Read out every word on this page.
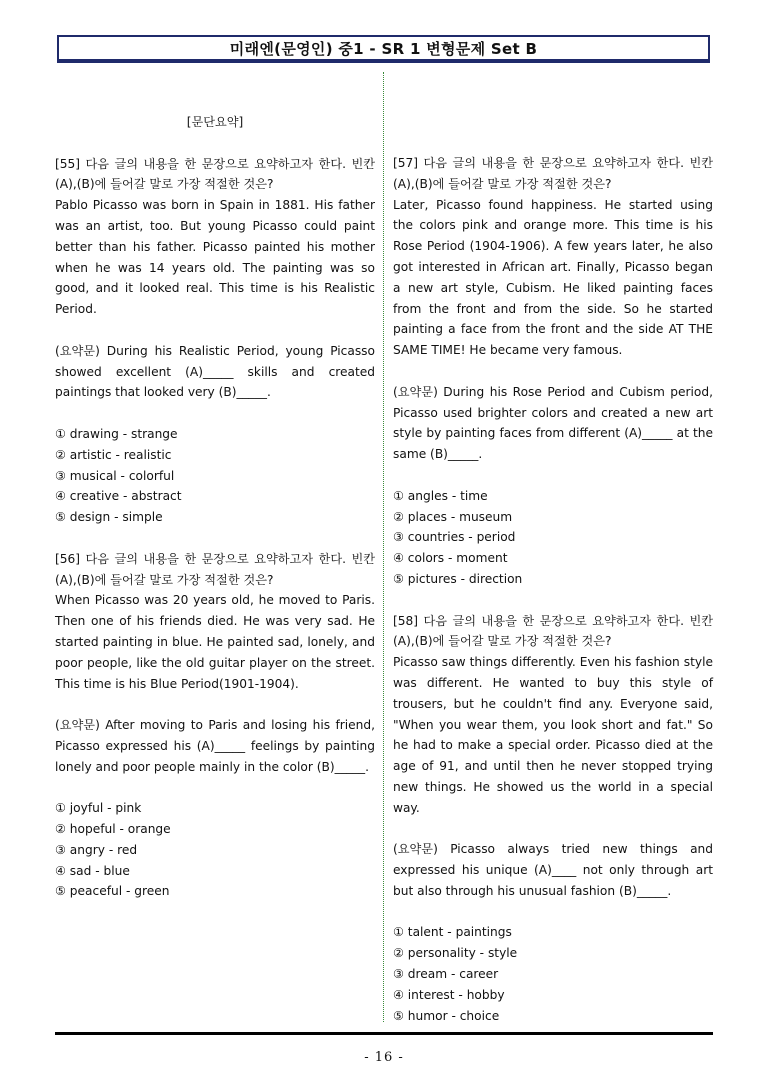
미래엔(문영인) 중1 - SR 1 변형문제 Set B

[문단요약]

[55] 다음 글의 내용을 한 문장으로 요약하고자 한다. 빈칸 (A),(B)에 들어갈 말로 가장 적절한 것은?

Pablo Picasso was born in Spain in 1881. His father was an artist, too. But young Picasso could paint better than his father. Picasso painted his mother when he was 14 years old. The painting was so good, and it looked real. This time is his Realistic Period.

(요약문) During his Realistic Period, young Picasso showed excellent (A)_____ skills and created paintings that looked very (B)_____.

① drawing - strange

② artistic - realistic

③ musical - colorful

④ creative - abstract

⑤ design - simple

[56] 다음 글의 내용을 한 문장으로 요약하고자 한다. 빈칸 (A),(B)에 들어갈 말로 가장 적절한 것은?

When Picasso was 20 years old, he moved to Paris. Then one of his friends died. He was very sad. He started painting in blue. He painted sad, lonely, and poor people, like the old guitar player on the street. This time is his Blue Period(1901-1904).

(요약문) After moving to Paris and losing his friend, Picasso expressed his (A)_____ feelings by painting lonely and poor people mainly in the color (B)_____.

① joyful - pink

② hopeful - orange

③ angry - red

④ sad - blue

⑤ peaceful - green

[57] 다음 글의 내용을 한 문장으로 요약하고자 한다. 빈칸 (A),(B)에 들어갈 말로 가장 적절한 것은?

Later, Picasso found happiness. He started using the colors pink and orange more. This time is his Rose Period (1904-1906). A few years later, he also got interested in African art. Finally, Picasso began a new art style, Cubism. He liked painting faces from the front and from the side. So he started painting a face from the front and the side AT THE SAME TIME! He became very famous.

(요약문) During his Rose Period and Cubism period, Picasso used brighter colors and created a new art style by painting faces from different (A)_____ at the same (B)_____.

① angles - time

② places - museum

③ countries - period

④ colors - moment

⑤ pictures - direction

[58] 다음 글의 내용을 한 문장으로 요약하고자 한다. 빈칸 (A),(B)에 들어갈 말로 가장 적절한 것은?

Picasso saw things differently. Even his fashion style was different. He wanted to buy this style of trousers, but he couldn't find any. Everyone said, "When you wear them, you look short and fat." So he had to make a special order. Picasso died at the age of 91, and until then he never stopped trying new things. He showed us the world in a special way.

(요약문) Picasso always tried new things and expressed his unique (A)____ not only through art but also through his unusual fashion (B)_____.

① talent - paintings

② personality - style

③ dream - career

④ interest - hobby

⑤ humor - choice

- 16 -
